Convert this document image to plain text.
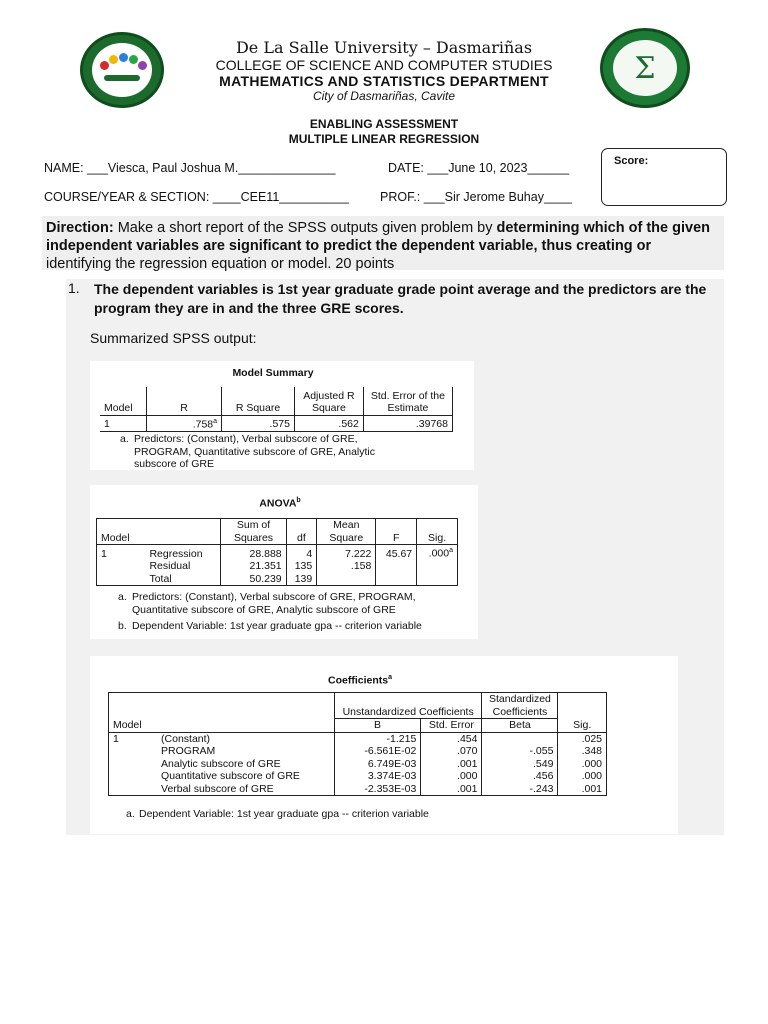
Σ
De La Salle University – Dasmariñas
COLLEGE OF SCIENCE AND COMPUTER STUDIES
MATHEMATICS AND STATISTICS DEPARTMENT
City of Dasmariñas, Cavite
ENABLING ASSESSMENT
MULTIPLE LINEAR REGRESSION
NAME: ___Viesca, Paul Joshua M.______________	DATE: ___June 10, 2023______
COURSE/YEAR & SECTION: ____CEE11__________ PROF.: ___Sir Jerome Buhay____
Score:
Direction: Make a short report of the SPSS outputs given problem by determining which of the given independent variables are significant to predict the dependent variable, thus creating or identifying the regression equation or model. 20 points
1.	The dependent variables is 1st year graduate grade point average and the predictors are the program they are in and the three GRE scores.
Summarized SPSS output:
Model Summary
Model	R	R Square	Adjusted R Square	Std. Error of the Estimate
1	.758$^a$	.575	.562	.39768
a. Predictors: (Constant), Verbal subscore of GRE, PROGRAM, Quantitative subscore of GRE, Analytic subscore of GRE
ANOVA$^b$
Model		Sum of Squares	df	Mean Square	F	Sig.
1	Regression	28.888	4	7.222	45.67	.000$^a$
	Residual	21.351	135	.158		
	Total	50.239	139			
a. Predictors: (Constant), Verbal subscore of GRE, PROGRAM, Quantitative subscore of GRE, Analytic subscore of GRE
b. Dependent Variable: 1st year graduate gpa -- criterion variable
Coefficients$^a$
		Unstandardized Coefficients		Standardized Coefficients	
Model		B	Std. Error	Beta	Sig.
1	(Constant)	-1.215	.454		.025
	PROGRAM	-6.561E-02	.070	-.055	.348
	Analytic subscore of GRE	6.749E-03	.001	.549	.000
	Quantitative subscore of GRE	3.374E-03	.000	.456	.000
	Verbal subscore of GRE	-2.353E-03	.001	-.243	.001
a. Dependent Variable: 1st year graduate gpa -- criterion variable
